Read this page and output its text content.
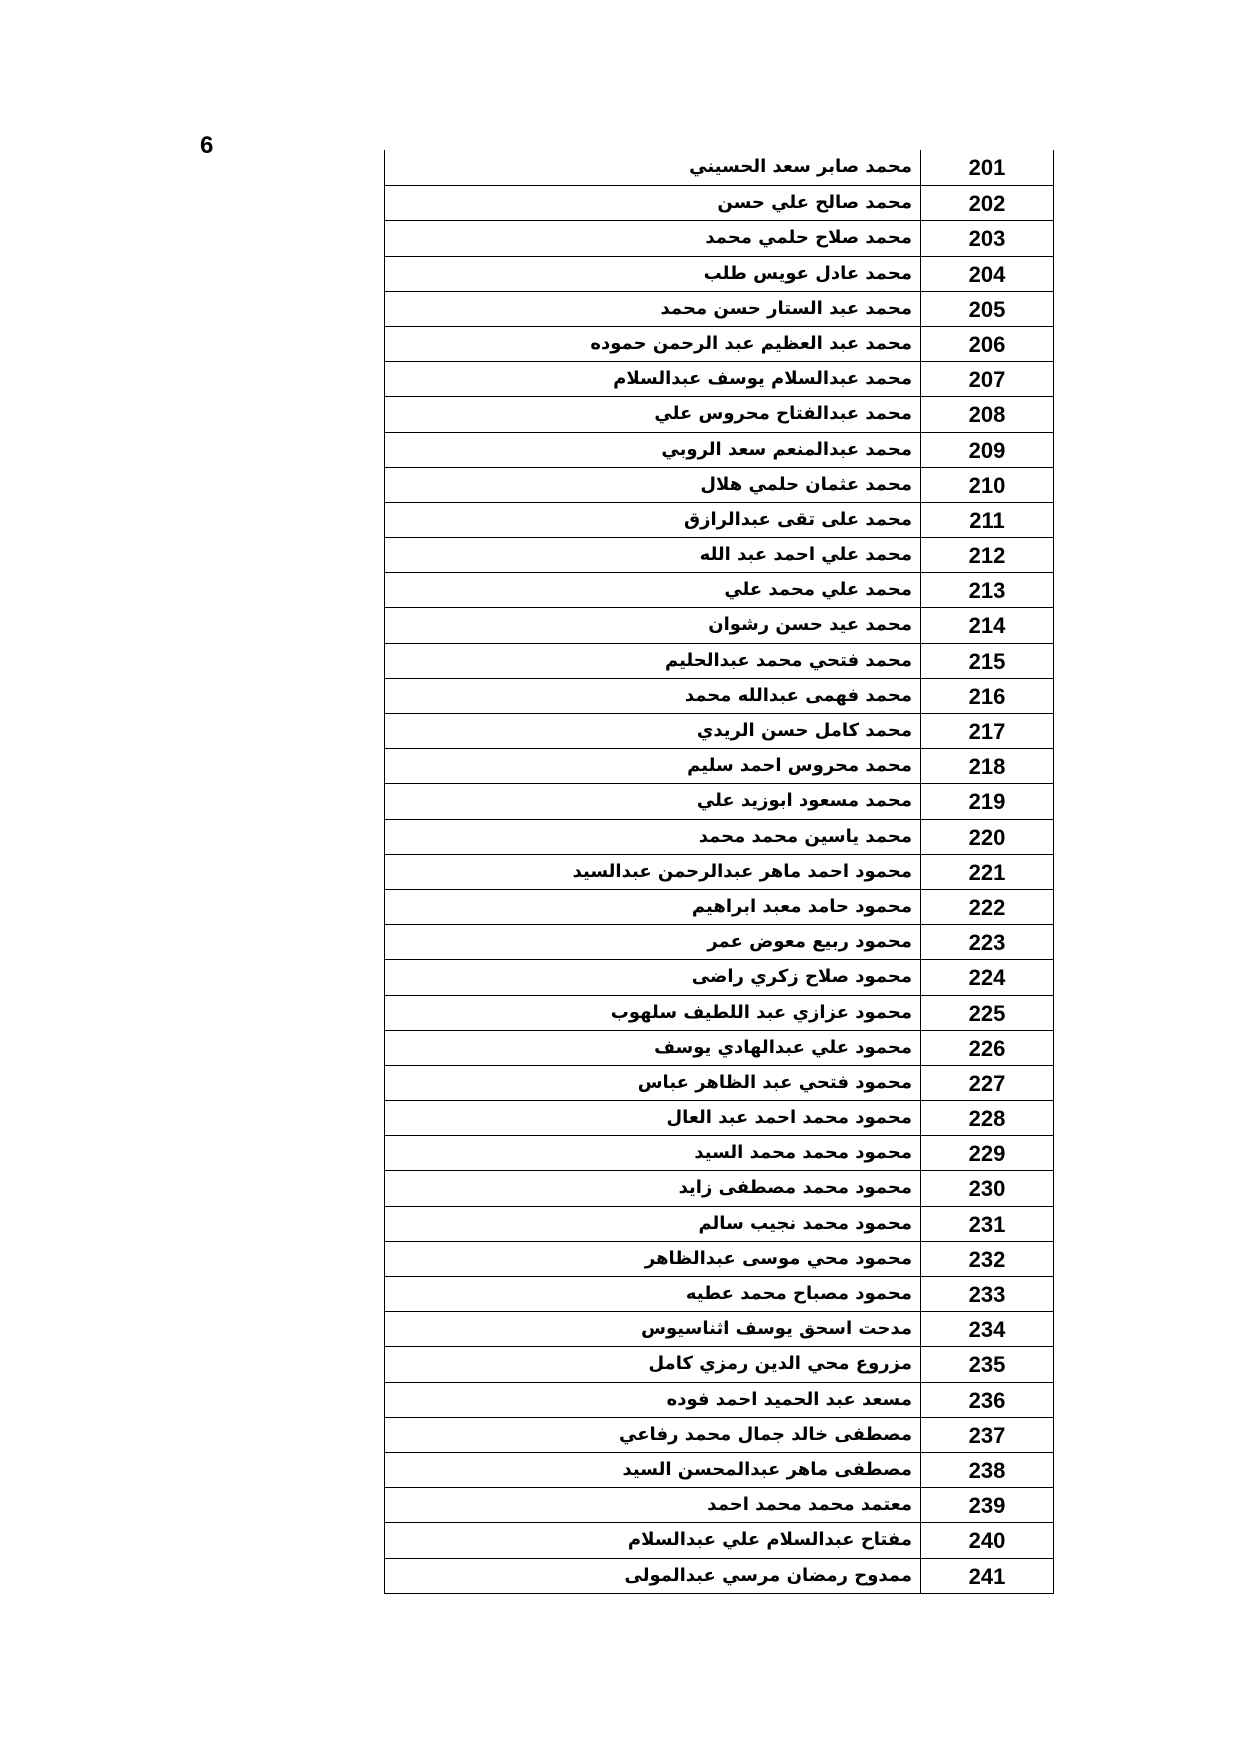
6
محمد صابر سعد الحسيني	201
محمد صالح علي حسن	202
محمد صلاح حلمي محمد	203
محمد عادل عويس طلب	204
محمد عبد الستار حسن محمد	205
محمد عبد العظيم عبد الرحمن حموده	206
محمد عبدالسلام يوسف عبدالسلام	207
محمد عبدالفتاح محروس علي	208
محمد عبدالمنعم سعد الروبي	209
محمد عثمان حلمي هلال	210
محمد على تقى عبدالرازق	211
محمد علي احمد عبد الله	212
محمد علي محمد علي	213
محمد عيد حسن رشوان	214
محمد فتحي محمد عبدالحليم	215
محمد فهمى عبدالله محمد	216
محمد كامل حسن الريدي	217
محمد محروس احمد سليم	218
محمد مسعود ابوزيد علي	219
محمد ياسين محمد محمد	220
محمود احمد ماهر عبدالرحمن عبدالسيد	221
محمود حامد معبد ابراهيم	222
محمود ربيع معوض عمر	223
محمود صلاح زكري راضى	224
محمود عزازي عبد اللطيف سلهوب	225
محمود علي عبدالهادي يوسف	226
محمود فتحي عبد الظاهر عباس	227
محمود محمد احمد عبد العال	228
محمود محمد محمد السيد	229
محمود محمد مصطفى زايد	230
محمود محمد نجيب سالم	231
محمود محي موسى عبدالظاهر	232
محمود مصباح محمد عطيه	233
مدحت اسحق يوسف اثناسيوس	234
مزروع محي الدين رمزي كامل	235
مسعد عبد الحميد احمد فوده	236
مصطفى خالد جمال محمد رفاعي	237
مصطفى ماهر عبدالمحسن السيد	238
معتمد محمد محمد احمد	239
مفتاح عبدالسلام علي عبدالسلام	240
ممدوح رمضان مرسي عبدالمولى	241
